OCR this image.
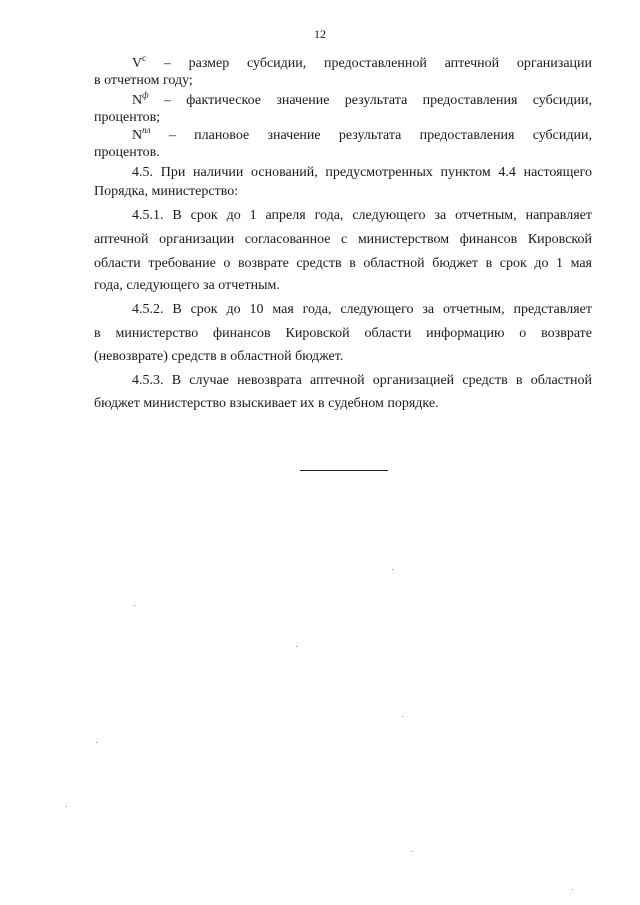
12
$V^c$ – размер субсидии, предоставленной аптечной организации
в отчетном году;
$N^ф$ – фактическое значение результата предоставления субсидии,
процентов;
$N^{пл}$ – плановое значение результата предоставления субсидии,
процентов.
4.5. При наличии оснований, предусмотренных пунктом 4.4 настоящего
Порядка, министерство:
4.5.1. В срок до 1 апреля года, следующего за отчетным, направляет
аптечной организации согласованное с министерством финансов Кировской
области требование о возврате средств в областной бюджет в срок до 1 мая
года, следующего за отчетным.
4.5.2. В срок до 10 мая года, следующего за отчетным, представляет
в министерство финансов Кировской области информацию о возврате
(невозврате) средств в областной бюджет.
4.5.3. В случае невозврата аптечной организацией средств в областной
бюджет министерство взыскивает их в судебном порядке.
